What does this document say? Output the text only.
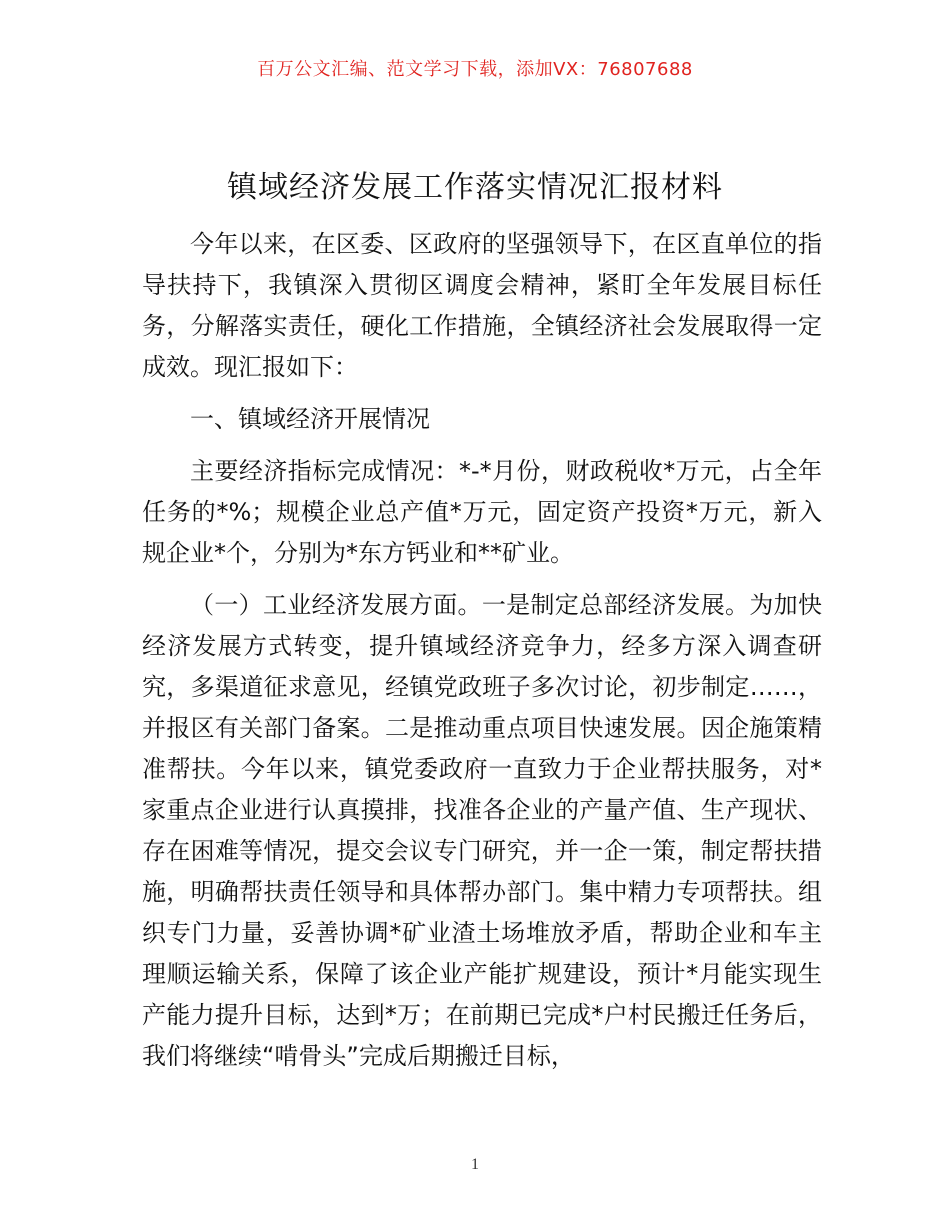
百万公文汇编、范文学习下载，添加VX：76807688
镇域经济发展工作落实情况汇报材料

今年以来，在区委、区政府的坚强领导下，在区直单位的指导扶持下，我镇深入贯彻区调度会精神，紧盯全年发展目标任务，分解落实责任，硬化工作措施，全镇经济社会发展取得一定成效。现汇报如下：

一、镇域经济开展情况

主要经济指标完成情况：*-*月份，财政税收*万元，占全年任务的*%；规模企业总产值*万元，固定资产投资*万元，新入规企业*个，分别为*东方钙业和**矿业。

（一）工业经济发展方面。一是制定总部经济发展。为加快经济发展方式转变，提升镇域经济竞争力，经多方深入调查研究，多渠道征求意见，经镇党政班子多次讨论，初步制定……，并报区有关部门备案。二是推动重点项目快速发展。因企施策精准帮扶。今年以来，镇党委政府一直致力于企业帮扶服务，对*家重点企业进行认真摸排，找准各企业的产量产值、生产现状、存在困难等情况，提交会议专门研究，并一企一策，制定帮扶措施，明确帮扶责任领导和具体帮办部门。集中精力专项帮扶。组织专门力量，妥善协调*矿业渣土场堆放矛盾，帮助企业和车主理顺运输关系，保障了该企业产能扩规建设，预计*月能实现生产能力提升目标，达到*万；在前期已完成*户村民搬迁任务后，我们将继续“啃骨头”完成后期搬迁目标，

1
